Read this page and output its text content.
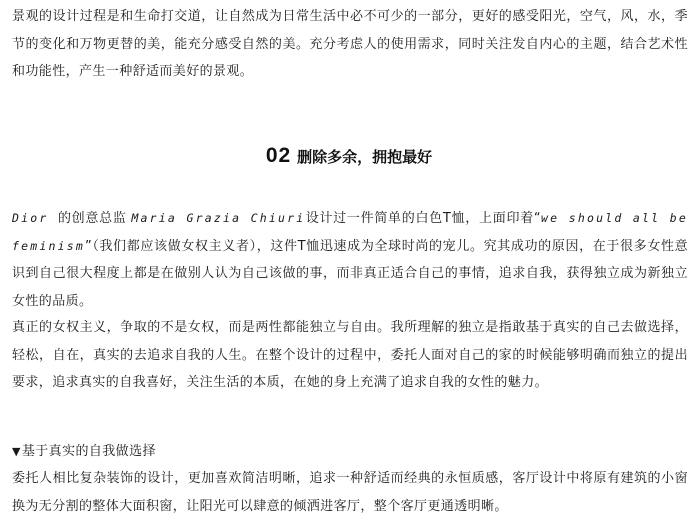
景观的设计过程是和生命打交道，让自然成为日常生活中必不可少的一部分，更好的感受阳光，空气，风，水，季节的变化和万物更替的美，能充分感受自然的美。充分考虑人的使用需求，同时关注发自内心的主题，结合艺术性和功能性，产生一种舒适而美好的景观。

02 删除多余，拥抱最好

Dior 的创意总监 Maria Grazia Chiuri设计过一件简单的白色T恤，上面印着“we should all be feminism”（我们都应该做女权主义者），这件T恤迅速成为全球时尚的宠儿。究其成功的原因，在于很多女性意识到自己很大程度上都是在做别人认为自己该做的事，而非真正适合自己的事情，追求自我，获得独立成为新独立女性的品质。

真正的女权主义，争取的不是女权，而是两性都能独立与自由。我所理解的独立是指敢基于真实的自己去做选择，轻松，自在，真实的去追求自我的人生。在整个设计的过程中，委托人面对自己的家的时候能够明确而独立的提出要求，追求真实的自我喜好，关注生活的本质，在她的身上充满了追求自我的女性的魅力。

▼基于真实的自我做选择

委托人相比复杂装饰的设计，更加喜欢简洁明晰，追求一种舒适而经典的永恒质感，客厅设计中将原有建筑的小窗换为无分割的整体大面积窗，让阳光可以肆意的倾洒进客厅，整个客厅更通透明晰。
